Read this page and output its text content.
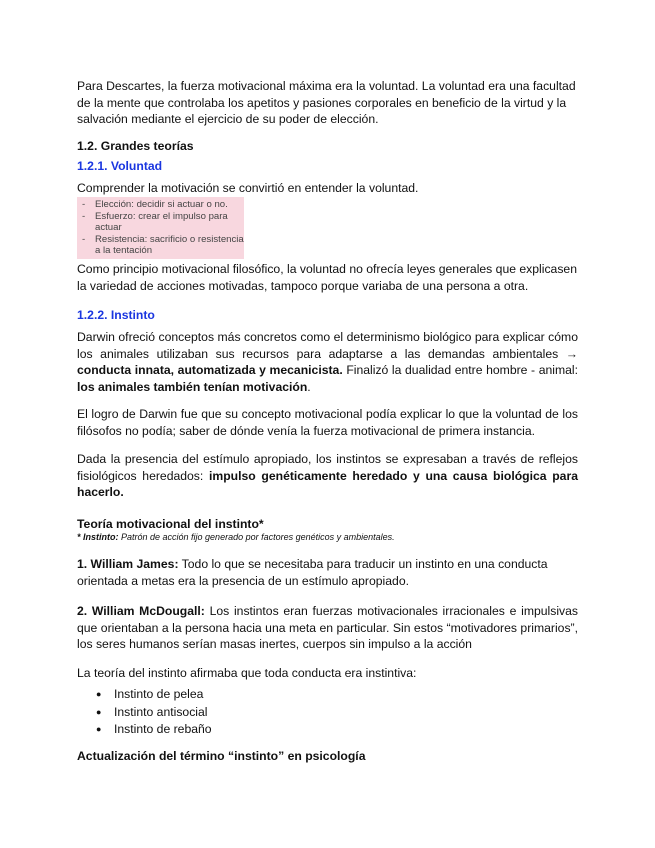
Para Descartes, la fuerza motivacional máxima era la voluntad. La voluntad era una facultad de la mente que controlaba los apetitos y pasiones corporales en beneficio de la virtud y la salvación mediante el ejercicio de su poder de elección.

1.2. Grandes teorías

1.2.1. Voluntad

Comprender la motivación se convirtió en entender la voluntad.

- Elección: decidir si actuar o no.
- Esfuerzo: crear el impulso para actuar
- Resistencia: sacrificio o resistencia a la tentación

Como principio motivacional filosófico, la voluntad no ofrecía leyes generales que explicasen la variedad de acciones motivadas, tampoco porque variaba de una persona a otra.

1.2.2. Instinto

Darwin ofreció conceptos más concretos como el determinismo biológico para explicar cómo los animales utilizaban sus recursos para adaptarse a las demandas ambientales → conducta innata, automatizada y mecanicista. Finalizó la dualidad entre hombre - animal: los animales también tenían motivación.

El logro de Darwin fue que su concepto motivacional podía explicar lo que la voluntad de los filósofos no podía; saber de dónde venía la fuerza motivacional de primera instancia.

Dada la presencia del estímulo apropiado, los instintos se expresaban a través de reflejos fisiológicos heredados: impulso genéticamente heredado y una causa biológica para hacerlo.

Teoría motivacional del instinto*

* Instinto: Patrón de acción fijo generado por factores genéticos y ambientales.

1. William James: Todo lo que se necesitaba para traducir un instinto en una conducta orientada a metas era la presencia de un estímulo apropiado.

2. William McDougall: Los instintos eran fuerzas motivacionales irracionales e impulsivas que orientaban a la persona hacia una meta en particular. Sin estos “motivadores primarios”, los seres humanos serían masas inertes, cuerpos sin impulso a la acción

La teoría del instinto afirmaba que toda conducta era instintiva:

● Instinto de pelea
● Instinto antisocial
● Instinto de rebaño

Actualización del término “instinto” en psicología
